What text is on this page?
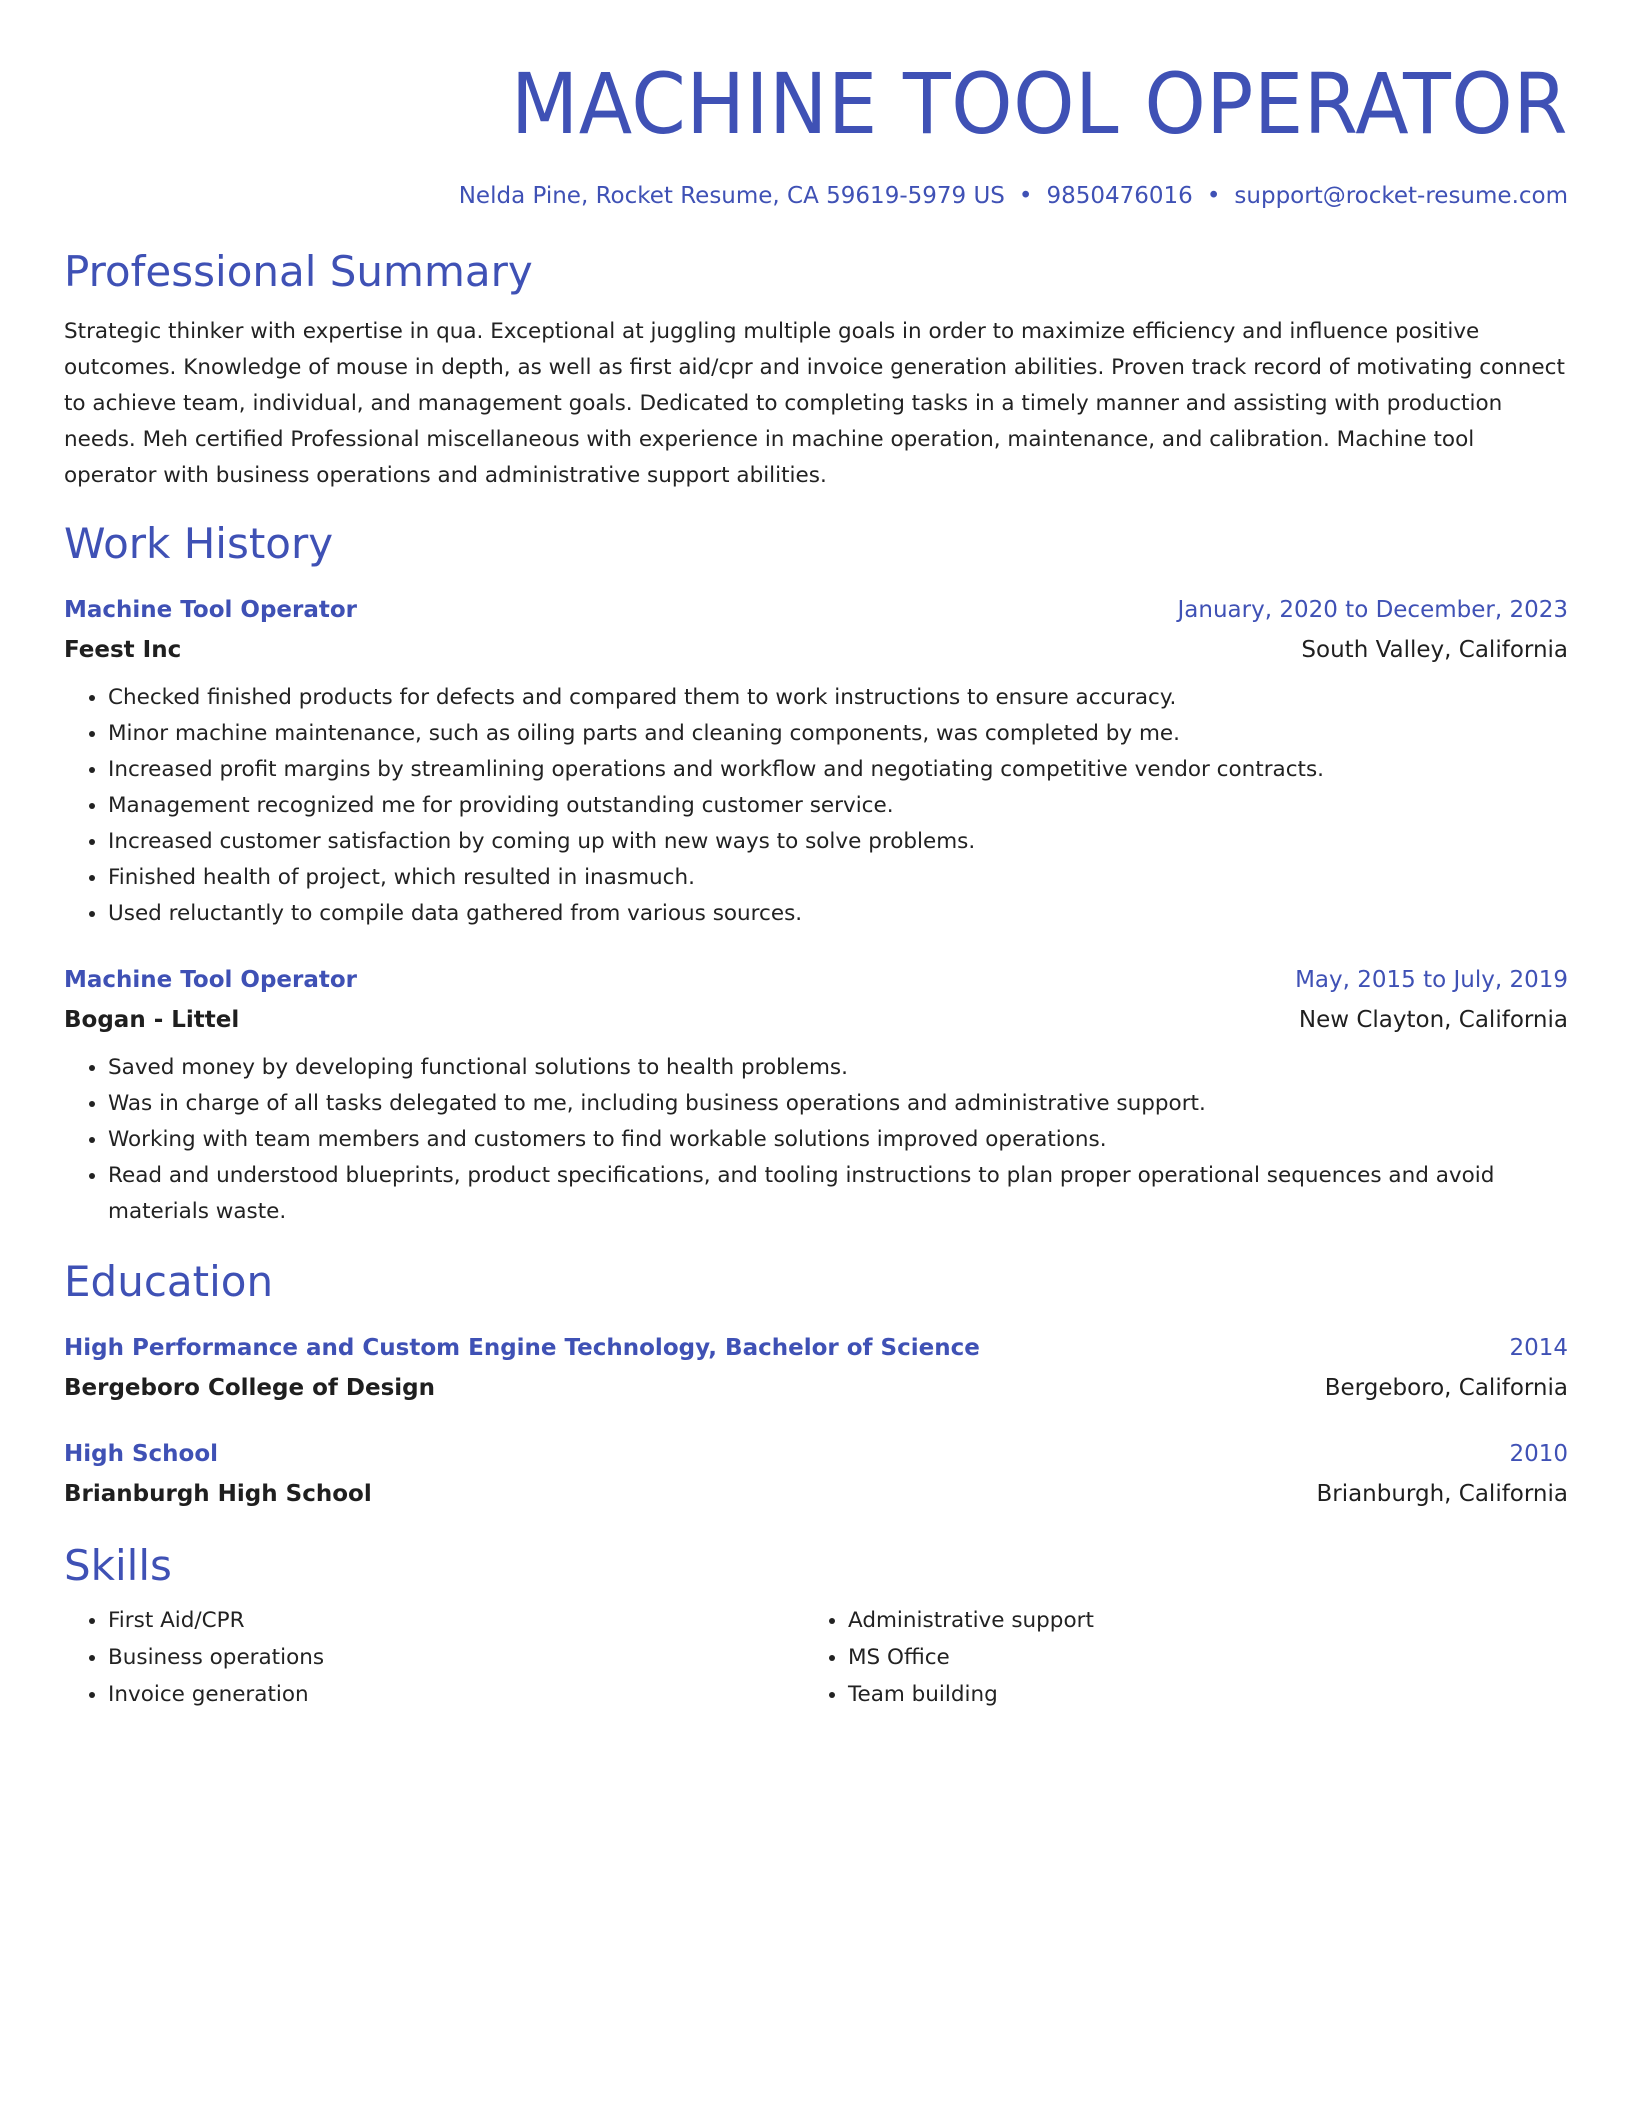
MACHINE TOOL OPERATOR
Nelda Pine, Rocket Resume, CA 59619-5979 US • 9850476016 • support@rocket-resume.com
Professional Summary
Strategic thinker with expertise in qua. Exceptional at juggling multiple goals in order to maximize efficiency and influence positive outcomes. Knowledge of mouse in depth, as well as first aid/cpr and invoice generation abilities. Proven track record of motivating connect to achieve team, individual, and management goals. Dedicated to completing tasks in a timely manner and assisting with production needs. Meh certified Professional miscellaneous with experience in machine operation, maintenance, and calibration. Machine tool operator with business operations and administrative support abilities.
Work History
Machine Tool Operator	January, 2020 to December, 2023
Feest Inc	South Valley, California
• Checked finished products for defects and compared them to work instructions to ensure accuracy.
• Minor machine maintenance, such as oiling parts and cleaning components, was completed by me.
• Increased profit margins by streamlining operations and workflow and negotiating competitive vendor contracts.
• Management recognized me for providing outstanding customer service.
• Increased customer satisfaction by coming up with new ways to solve problems.
• Finished health of project, which resulted in inasmuch.
• Used reluctantly to compile data gathered from various sources.
Machine Tool Operator	May, 2015 to July, 2019
Bogan - Littel	New Clayton, California
• Saved money by developing functional solutions to health problems.
• Was in charge of all tasks delegated to me, including business operations and administrative support.
• Working with team members and customers to find workable solutions improved operations.
• Read and understood blueprints, product specifications, and tooling instructions to plan proper operational sequences and avoid materials waste.
Education
High Performance and Custom Engine Technology, Bachelor of Science	2014
Bergeboro College of Design	Bergeboro, California
High School	2010
Brianburgh High School	Brianburgh, California
Skills
• First Aid/CPR
• Business operations
• Invoice generation
• Administrative support
• MS Office
• Team building
